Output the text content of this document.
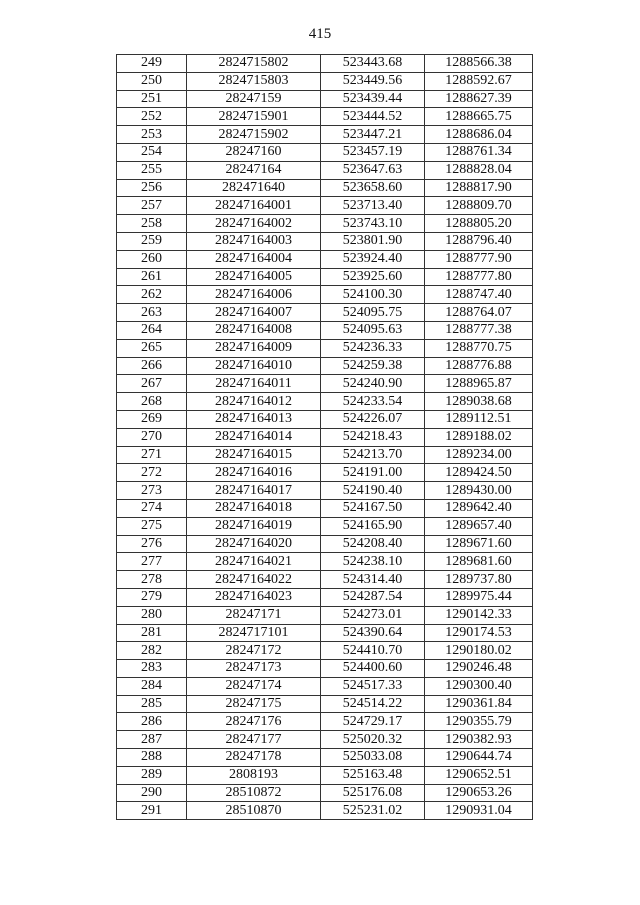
415
249	2824715802	523443.68	1288566.38
250	2824715803	523449.56	1288592.67
251	28247159	523439.44	1288627.39
252	2824715901	523444.52	1288665.75
253	2824715902	523447.21	1288686.04
254	28247160	523457.19	1288761.34
255	28247164	523647.63	1288828.04
256	282471640	523658.60	1288817.90
257	28247164001	523713.40	1288809.70
258	28247164002	523743.10	1288805.20
259	28247164003	523801.90	1288796.40
260	28247164004	523924.40	1288777.90
261	28247164005	523925.60	1288777.80
262	28247164006	524100.30	1288747.40
263	28247164007	524095.75	1288764.07
264	28247164008	524095.63	1288777.38
265	28247164009	524236.33	1288770.75
266	28247164010	524259.38	1288776.88
267	28247164011	524240.90	1288965.87
268	28247164012	524233.54	1289038.68
269	28247164013	524226.07	1289112.51
270	28247164014	524218.43	1289188.02
271	28247164015	524213.70	1289234.00
272	28247164016	524191.00	1289424.50
273	28247164017	524190.40	1289430.00
274	28247164018	524167.50	1289642.40
275	28247164019	524165.90	1289657.40
276	28247164020	524208.40	1289671.60
277	28247164021	524238.10	1289681.60
278	28247164022	524314.40	1289737.80
279	28247164023	524287.54	1289975.44
280	28247171	524273.01	1290142.33
281	2824717101	524390.64	1290174.53
282	28247172	524410.70	1290180.02
283	28247173	524400.60	1290246.48
284	28247174	524517.33	1290300.40
285	28247175	524514.22	1290361.84
286	28247176	524729.17	1290355.79
287	28247177	525020.32	1290382.93
288	28247178	525033.08	1290644.74
289	2808193	525163.48	1290652.51
290	28510872	525176.08	1290653.26
291	28510870	525231.02	1290931.04
